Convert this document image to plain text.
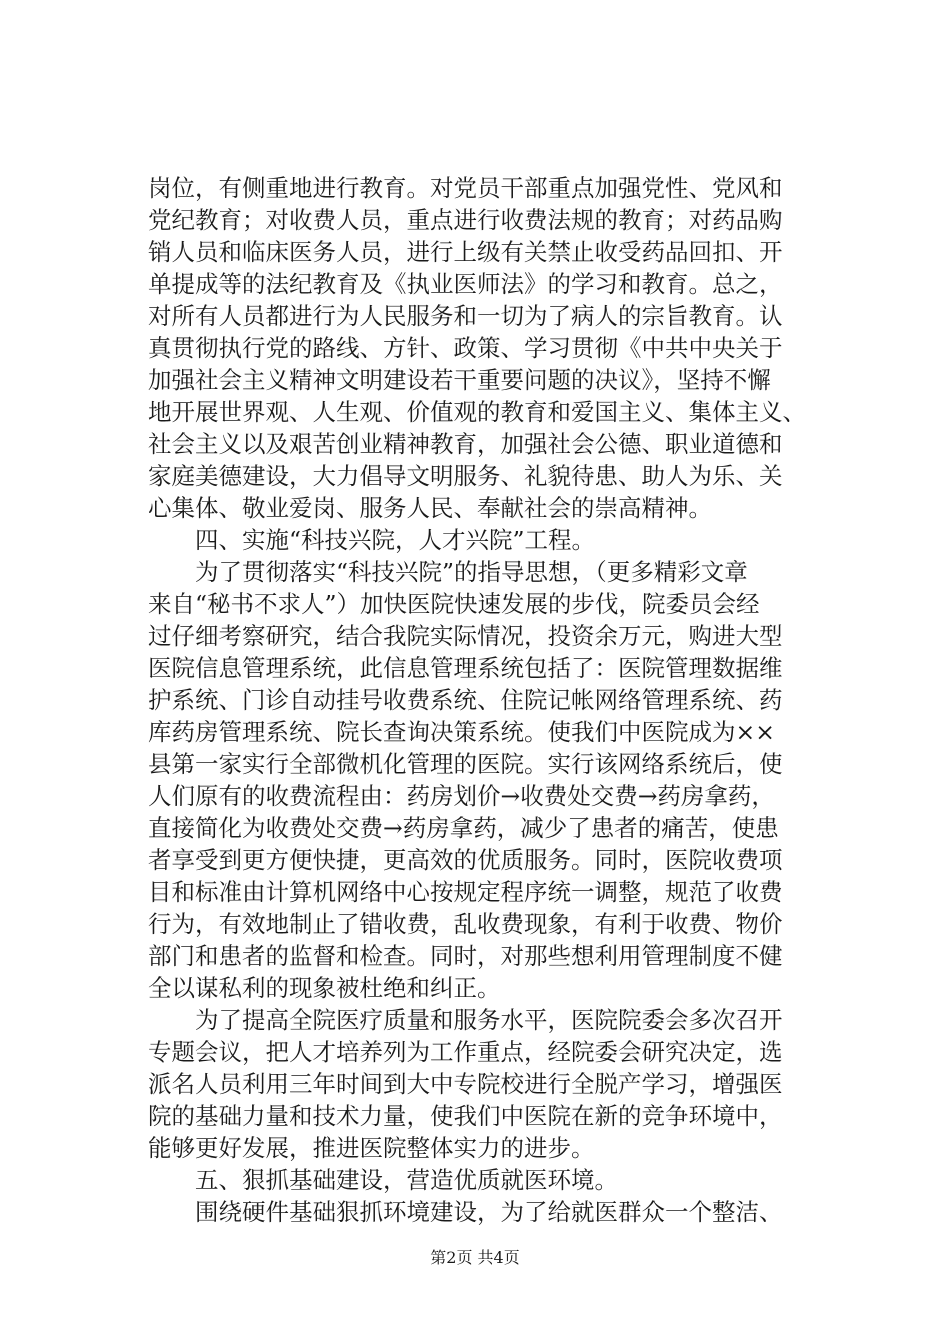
岗位，有侧重地进行教育。对党员干部重点加强党性、党风和
党纪教育；对收费人员，重点进行收费法规的教育；对药品购
销人员和临床医务人员，进行上级有关禁止收受药品回扣、开
单提成等的法纪教育及《执业医师法》的学习和教育。总之，
对所有人员都进行为人民服务和一切为了病人的宗旨教育。认
真贯彻执行党的路线、方针、政策、学习贯彻《中共中央关于
加强社会主义精神文明建设若干重要问题的决议》，坚持不懈
地开展世界观、人生观、价值观的教育和爱国主义、集体主义、
社会主义以及艰苦创业精神教育，加强社会公德、职业道德和
家庭美德建设，大力倡导文明服务、礼貌待患、助人为乐、关
心集体、敬业爱岗、服务人民、奉献社会的崇高精神。
　　四、实施“科技兴院，人才兴院”工程。
　　为了贯彻落实“科技兴院”的指导思想，（更多精彩文章
来自“秘书不求人”）加快医院快速发展的步伐，院委员会经
过仔细考察研究，结合我院实际情况，投资余万元，购进大型
医院信息管理系统，此信息管理系统包括了：医院管理数据维
护系统、门诊自动挂号收费系统、住院记帐网络管理系统、药
库药房管理系统、院长查询决策系统。使我们中医院成为××
县第一家实行全部微机化管理的医院。实行该网络系统后，使
人们原有的收费流程由：药房划价→收费处交费→药房拿药，
直接简化为收费处交费→药房拿药，减少了患者的痛苦，使患
者享受到更方便快捷，更高效的优质服务。同时，医院收费项
目和标准由计算机网络中心按规定程序统一调整，规范了收费
行为，有效地制止了错收费，乱收费现象，有利于收费、物价
部门和患者的监督和检查。同时，对那些想利用管理制度不健
全以谋私利的现象被杜绝和纠正。
　　为了提高全院医疗质量和服务水平，医院院委会多次召开
专题会议，把人才培养列为工作重点，经院委会研究决定，选
派名人员利用三年时间到大中专院校进行全脱产学习，增强医
院的基础力量和技术力量，使我们中医院在新的竞争环境中，
能够更好发展，推进医院整体实力的进步。
　　五、狠抓基础建设，营造优质就医环境。
　　围绕硬件基础狠抓环境建设，为了给就医群众一个整洁、
第2页 共4页
